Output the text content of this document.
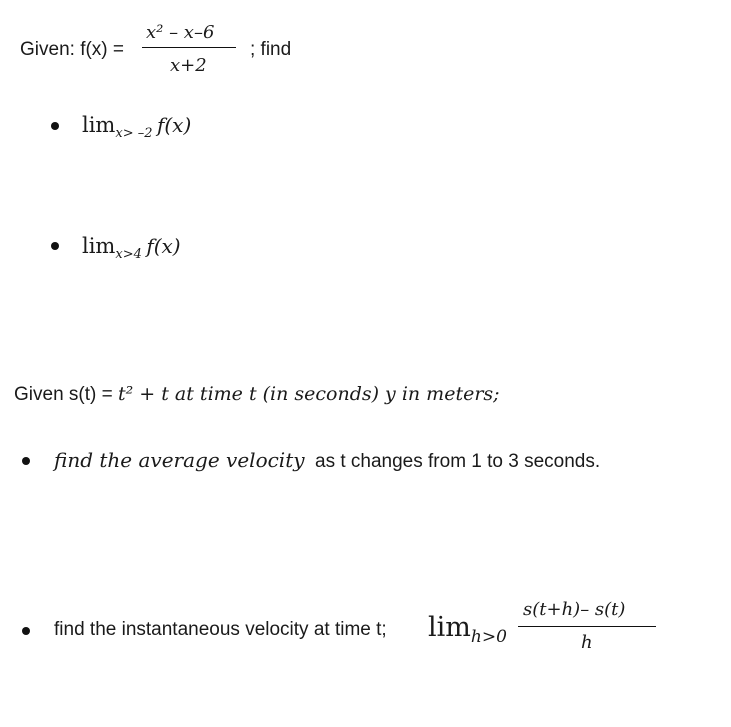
Given: f(x) =
x² – x–6
x+2
; find
$\lim_{x> -2} f(x)$
$\lim_{x>4} f(x)$
Given s(t) = t² + t at time t (in seconds) y in meters;
find the average velocity as t changes from 1 to 3 seconds.
find the instantaneous velocity at time t; limh>0
s(t+h)– s(t)
h
